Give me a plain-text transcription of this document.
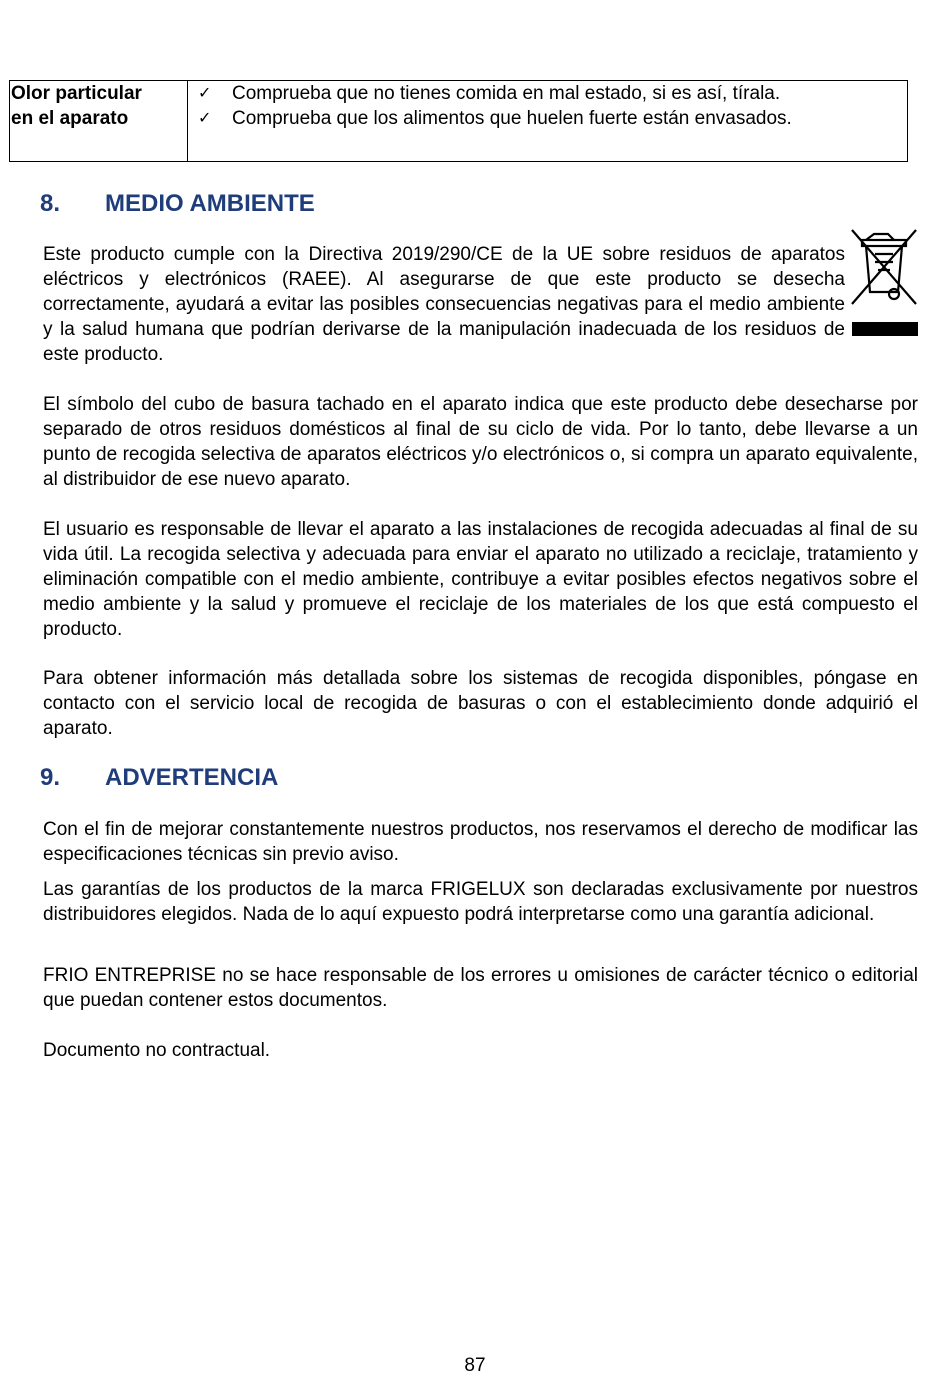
Olor particular
en el aparato

✓	Comprueba que no tienes comida en mal estado, si es así, tírala.
✓	Comprueba que los alimentos que huelen fuerte están envasados.
8. MEDIO AMBIENTE

Este producto cumple con la Directiva 2019/290/CE de la UE sobre residuos de aparatos eléctricos y electrónicos (RAEE). Al asegurarse de que este producto se desecha correctamente, ayudará a evitar las posibles consecuencias negativas para el medio ambiente y la salud humana que podrían derivarse de la manipulación inadecuada de los residuos de este producto.

El símbolo del cubo de basura tachado en el aparato indica que este producto debe desecharse por separado de otros residuos domésticos al final de su ciclo de vida. Por lo tanto, debe llevarse a un punto de recogida selectiva de aparatos eléctricos y/o electrónicos o, si compra un aparato equivalente, al distribuidor de ese nuevo aparato.

El usuario es responsable de llevar el aparato a las instalaciones de recogida adecuadas al final de su vida útil. La recogida selectiva y adecuada para enviar el aparato no utilizado a reciclaje, tratamiento y eliminación compatible con el medio ambiente, contribuye a evitar posibles efectos negativos sobre el medio ambiente y la salud y promueve el reciclaje de los materiales de los que está compuesto el producto.

Para obtener información más detallada sobre los sistemas de recogida disponibles, póngase en contacto con el servicio local de recogida de basuras o con el establecimiento donde adquirió el aparato.

9. ADVERTENCIA

Con el fin de mejorar constantemente nuestros productos, nos reservamos el derecho de modificar las especificaciones técnicas sin previo aviso.

Las garantías de los productos de la marca FRIGELUX son declaradas exclusivamente por nuestros distribuidores elegidos. Nada de lo aquí expuesto podrá interpretarse como una garantía adicional.

FRIO ENTREPRISE no se hace responsable de los errores u omisiones de carácter técnico o editorial que puedan contener estos documentos.

Documento no contractual.

87
